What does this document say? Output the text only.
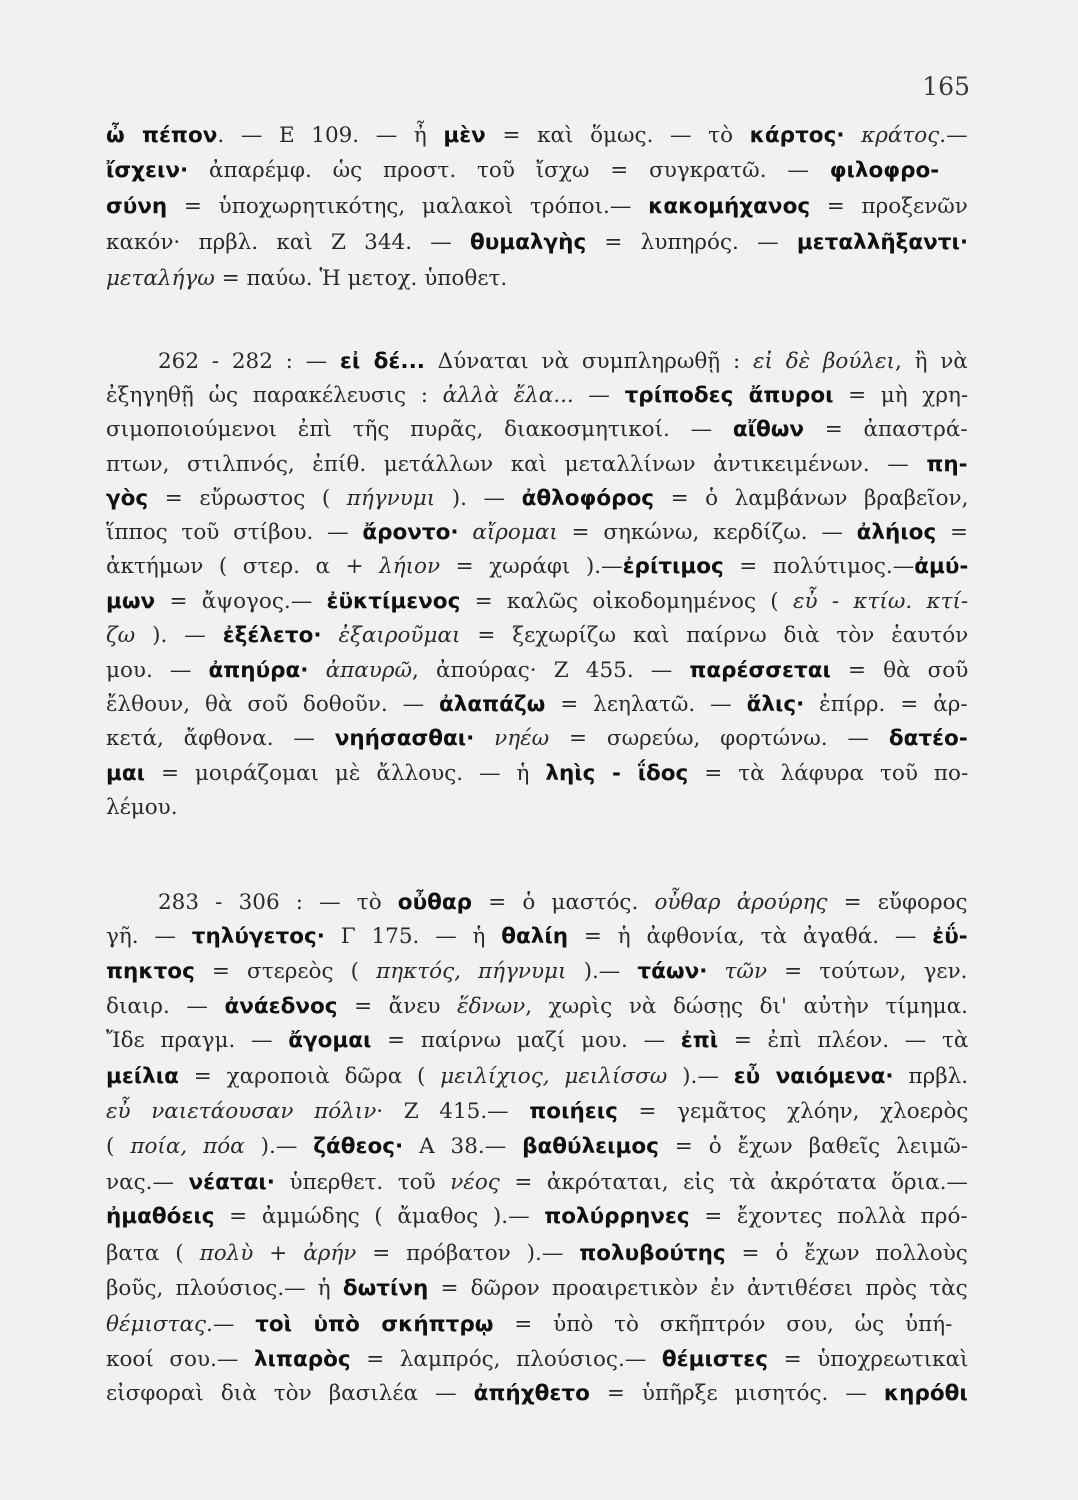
165
ὦ πέπον. — Ε 109. — ἦ μὲν = καὶ ὅμως. — τὸ κάρτος· κράτος.—
ἴσχειν· ἀπαρέμφ. ὡς προστ. τοῦ ἴσχω = συγκρατῶ. — φιλοφρο-
σύνη = ὑποχωρητικότης, μαλακοὶ τρόποι.— κακομήχανος = προξενῶν
κακόν· πρβλ. καὶ Ζ 344. — θυμαλγὴς = λυπηρός. — μεταλλῆξαντι·
μεταλήγω = παύω. Ἡ μετοχ. ὑποθετ.
262 - 282 : — εἰ δέ... Δύναται νὰ συμπληρωθῇ : εἰ δὲ βούλει, ἢ νὰ
ἐξηγηθῇ ὡς παρακέλευσις : ἀλλὰ ἔλα... — τρίποδες ἄπυροι = μὴ χρη-
σιμοποιούμενοι ἐπὶ τῆς πυρᾶς, διακοσμητικοί. — αἴθων = ἀπαστρά-
πτων, στιλπνός, ἐπίθ. μετάλλων καὶ μεταλλίνων ἀντικειμένων. — πη-
γὸς = εὔρωστος ( πήγνυμι ). — ἀθλοφόρος = ὁ λαμβάνων βραβεῖον,
ἵππος τοῦ στίβου. — ἄροντο· αἴρομαι = σηκώνω, κερδίζω. — ἀλήιος =
ἀκτήμων ( στερ. α + λήιον = χωράφι ).—ἐρίτιμος = πολύτιμος.—ἀμύ-
μων = ἄψογος.— ἐϋκτίμενος = καλῶς οἰκοδομημένος ( εὖ - κτίω. κτί-
ζω ). — ἐξέλετο· ἐξαιροῦμαι = ξεχωρίζω καὶ παίρνω διὰ τὸν ἑαυτόν
μου. — ἀπηύρα· ἀπαυρῶ, ἀπούρας· Ζ 455. — παρέσσεται = θὰ σοῦ
ἔλθουν, θὰ σοῦ δοθοῦν. — ἀλαπάζω = λεηλατῶ. — ἅλις· ἐπίρρ. = ἀρ-
κετά, ἄφθονα. — νηήσασθαι· νηέω = σωρεύω, φορτώνω. — δατέο-
μαι = μοιράζομαι μὲ ἄλλους. — ἡ ληὶς - ΐδος = τὰ λάφυρα τοῦ πο-
λέμου.
283 - 306 : — τὸ οὖθαρ = ὁ μαστός. οὖθαρ ἀρούρης = εὔφορος
γῆ. — τηλύγετος· Γ 175. — ἡ θαλίη = ἡ ἀφθονία, τὰ ἀγαθά. — ἐΰ-
πηκτος = στερεὸς ( πηκτός, πήγνυμι ).— τάων· τῶν = τούτων, γεν.
διαιρ. — ἀνάεδνος = ἄνευ ἕδνων, χωρὶς νὰ δώσῃς δι' αὐτὴν τίμημα.
Ἴδε πραγμ. — ἄγομαι = παίρνω μαζί μου. — ἐπὶ = ἐπὶ πλέον. — τὰ
μείλια = χαροποιὰ δῶρα ( μειλίχιος, μειλίσσω ).— εὖ ναιόμενα· πρβλ.
εὖ ναιετάουσαν πόλιν· Ζ 415.— ποιήεις = γεμᾶτος χλόην, χλοερὸς
( ποία, πόα ).— ζάθεος· Α 38.— βαθύλειμος = ὁ ἔχων βαθεῖς λειμῶ-
νας.— νέαται· ὑπερθετ. τοῦ νέος = ἀκρόταται, εἰς τὰ ἀκρότατα ὅρια.—
ἠμαθόεις = ἀμμώδης ( ἄμαθος ).— πολύρρηνες = ἔχοντες πολλὰ πρό-
βατα ( πολὺ + ἀρήν = πρόβατον ).— πολυβούτης = ὁ ἔχων πολλοὺς
βοῦς, πλούσιος.— ἡ δωτίνη = δῶρον προαιρετικὸν ἐν ἀντιθέσει πρὸς τὰς
θέμιστας.— τοὶ ὑπὸ σκήπτρῳ = ὑπὸ τὸ σκῆπτρόν σου, ὡς ὑπή-
κοοί σου.— λιπαρὸς = λαμπρός, πλούσιος.— θέμιστες = ὑποχρεωτικαὶ
εἰσφοραὶ διὰ τὸν βασιλέα — ἀπήχθετο = ὑπῆρξε μισητός. — κηρόθι
